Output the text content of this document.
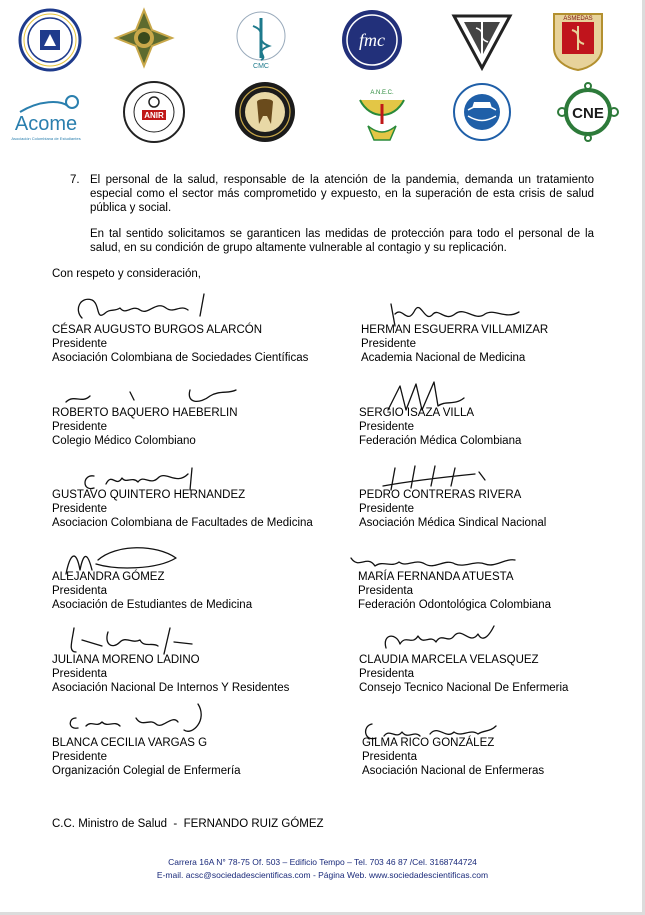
CMC
fmc
ASMEDAS
Acome
Asociación Colombiana de Estudiantes
ANIR
A.N.E.C.
CNE
7. El personal de la salud, responsable de la atención de la pandemia, demanda un tratamiento especial como el sector más comprometido y expuesto, en la superación de esta crisis de salud pública y social.

En tal sentido solicitamos se garanticen las medidas de protección para todo el personal de la salud, en su condición de grupo altamente vulnerable al contagio y su replicación.

Con respeto y consideración,
CÉSAR AUGUSTO BURGOS ALARCÓN
Presidente
Asociación Colombiana de Sociedades Científicas
HERMAN ESGUERRA VILLAMIZAR
Presidente
Academia Nacional de Medicina
ROBERTO BAQUERO HAEBERLIN
Presidente
Colegio Médico Colombiano
SERGIO ISAZA VILLA
Presidente
Federación Médica Colombiana
GUSTAVO QUINTERO HERNANDEZ
Presidente
Asociacion Colombiana de Facultades de Medicina
PEDRO CONTRERAS RIVERA
Presidente
Asociación Médica Sindical Nacional
ALEJANDRA GÓMEZ
Presidenta
Asociación de Estudiantes de Medicina
MARÍA FERNANDA ATUESTA
Presidenta
Federación Odontológica Colombiana
JULIANA MORENO LADINO
Presidenta
Asociación Nacional De Internos Y Residentes
CLAUDIA MARCELA VELASQUEZ
Presidenta
Consejo Tecnico Nacional De Enfermeria
BLANCA CECILIA VARGAS G
Presidente
Organización Colegial de Enfermería
GILMA RICO GONZÁLEZ
Presidenta
Asociación Nacional de Enfermeras
C.C. Ministro de Salud  -  FERNANDO RUIZ GÓMEZ
Carrera 16A N° 78-75 Of. 503 – Edificio Tempo – Tel. 703 46 87 /Cel. 3168744724
E-mail. acsc@sociedadescientificas.com - Página Web. www.sociedadescientificas.com
